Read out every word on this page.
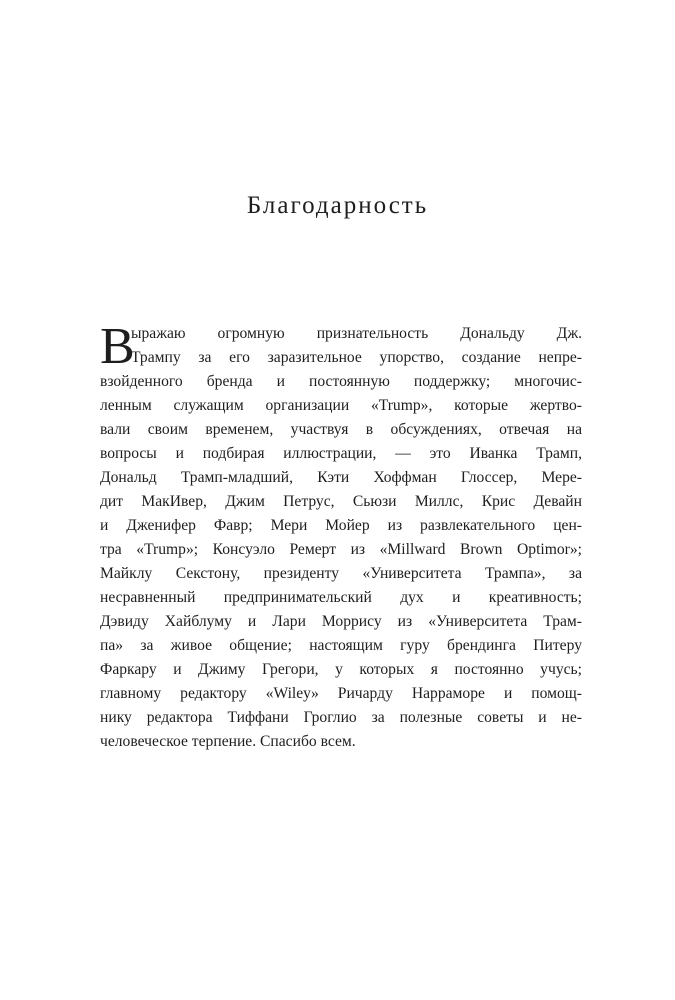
Благодарность
В
ыражаю огромную признательность Дональду Дж.
Трампу за его заразительное упорство, создание непре-
взойденного бренда и постоянную поддержку; многочис-
ленным служащим организации «Trump», которые жертво-
вали своим временем, участвуя в обсуждениях, отвечая на
вопросы и подбирая иллюстрации, — это Иванка Трамп,
Дональд Трамп-младший, Кэти Хоффман Глоссер, Мере-
дит МакИвер, Джим Петрус, Сьюзи Миллс, Крис Девайн
и Дженифер Фавр; Мери Мойер из развлекательного цен-
тра «Trump»; Консуэло Ремерт из «Millward Brown Optimor»;
Майклу Секстону, президенту «Университета Трампа», за
несравненный предпринимательский дух и креативность;
Дэвиду Хайблуму и Лари Моррису из «Университета Трам-
па» за живое общение; настоящим гуру брендинга Питеру
Фаркару и Джиму Грегори, у которых я постоянно учусь;
главному редактору «Wiley» Ричарду Нарраморе и помощ-
нику редактора Тиффани Гроглио за полезные советы и не-
человеческое терпение. Спасибо всем.
